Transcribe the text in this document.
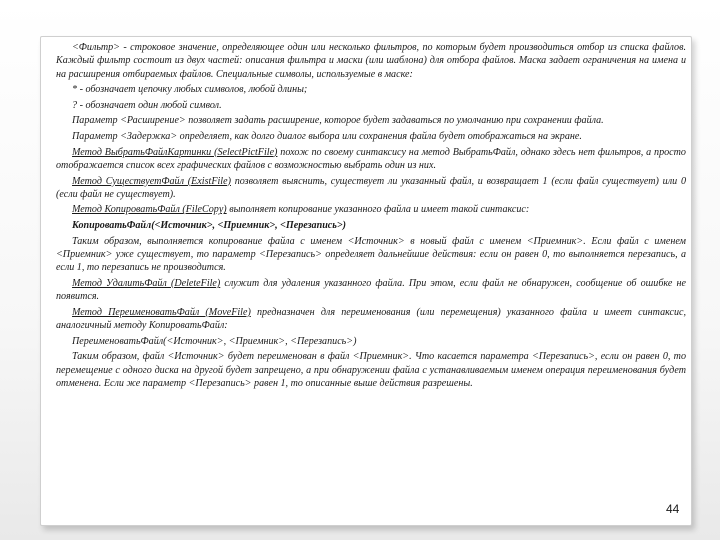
<Фильтр> - строковое значение, определяющее один или несколько фильтров, по которым будет производиться отбор из списка файлов. Каждый фильтр состоит из двух частей: описания фильтра и маски (или шаблона) для отбора файлов. Маска задает ограничения на имена и на расширения отбираемых файлов. Специальные символы, используемые в маске:

* - обозначает цепочку любых символов, любой длины;

? - обозначает один любой символ.

Параметр <Расширение> позволяет задать расширение, которое будет задаваться по умолчанию при сохранении файла.

Параметр <Задержка> определяет, как долго диалог выбора или сохранения файла будет отображаться на экране.

Метод ВыбратьФайлКартинки (SelectPictFile) похож по своему синтаксису на метод ВыбратьФайл, однако здесь нет фильтров, а просто отображается список всех графических файлов с возможностью выбрать один из них.

Метод СуществуетФайл (ExistFile) позволяет выяснить, существует ли указанный файл, и возвращает 1 (если файл существует) или 0 (если файл не существует).

Метод КопироватьФайл (FileCopy) выполняет копирование указанного файла и имеет такой синтаксис:

КопироватьФайл(<Источник>, <Приемник>, <Перезапись>)

Таким образом, выполняется копирование файла с именем <Источник> в новый файл с именем <Приемник>. Если файл с именем <Приемник> уже существует, то параметр <Перезапись> определяет дальнейшие действия: если он равен 0, то выполняется перезапись, а если 1, то перезапись не производится.

Метод УдалитьФайл (DeleteFile) служит для удаления указанного файла. При этом, если файл не обнаружен, сообщение об ошибке не появится.

Метод ПереименоватьФайл (MoveFile) предназначен для переименования (или перемещения) указанного файла и имеет синтаксис, аналогичный методу КопироватьФайл:

ПереименоватьФайл(<Источник>, <Приемник>, <Перезапись>)

Таким образом, файл <Источник> будет переименован в файл <Приемник>. Что касается параметра <Перезапись>, если он равен 0, то перемещение с одного диска на другой будет запрещено, а при обнаружении файла с устанавливаемым именем операция переименования будет отменена. Если же параметр <Перезапись> равен 1, то описанные выше действия разрешены.

44
